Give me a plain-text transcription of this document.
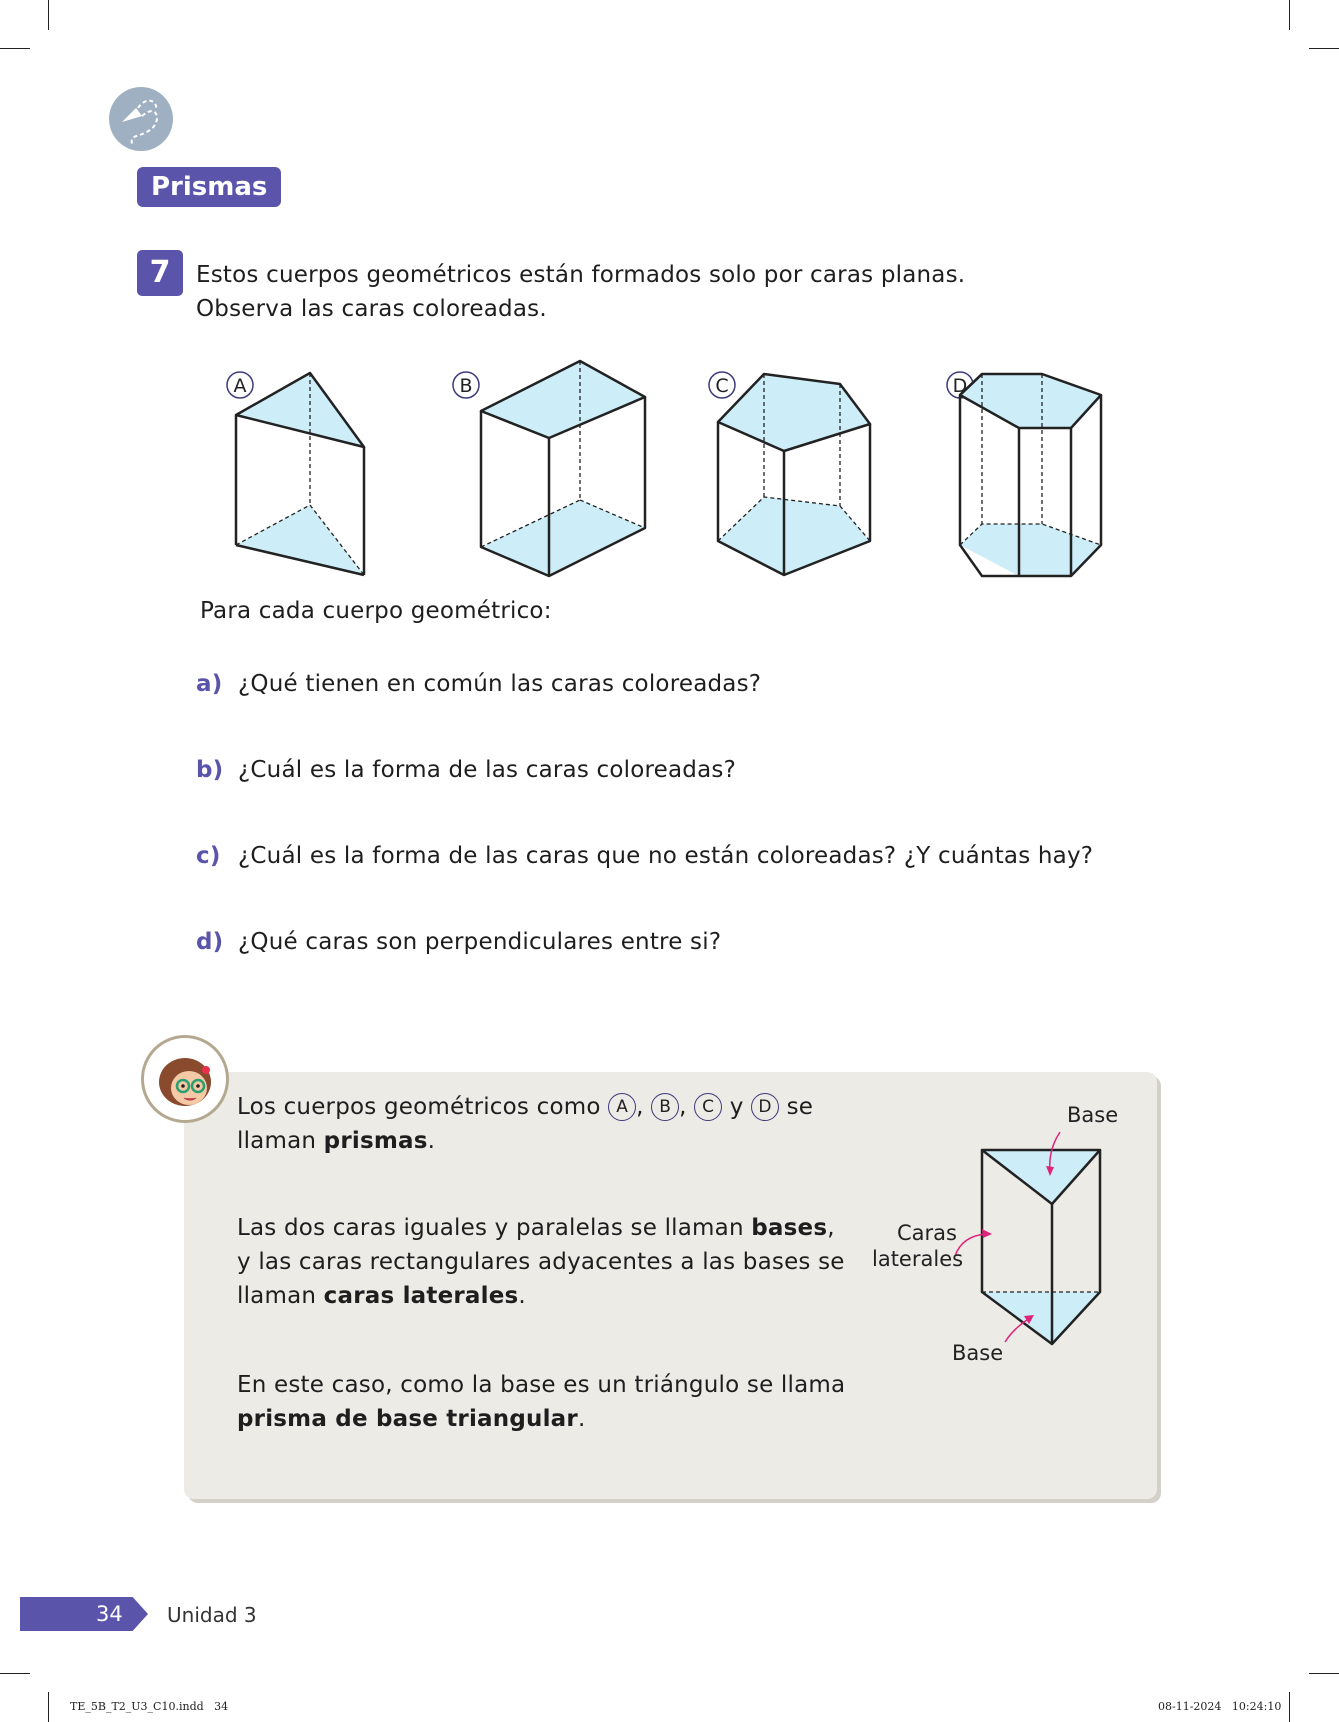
Prismas
7	Estos cuerpos geométricos están formados solo por caras planas.
Observa las caras coloreadas.
A	B	C	D
Para cada cuerpo geométrico:
a) ¿Qué tienen en común las caras coloreadas?
b) ¿Cuál es la forma de las caras coloreadas?
c) ¿Cuál es la forma de las caras que no están coloreadas? ¿Y cuántas hay?
d) ¿Qué caras son perpendiculares entre si?
Los cuerpos geométricos como A , B , C y D se
llaman prismas.
Las dos caras iguales y paralelas se llaman bases,
y las caras rectangulares adyacentes a las bases se
llaman caras laterales.
En este caso, como la base es un triángulo se llama
prisma de base triangular.
Base
Caras
laterales
Base
34 Unidad 3
TE_5B_T2_U3_C10.indd   34	08-11-2024   10:24:10
